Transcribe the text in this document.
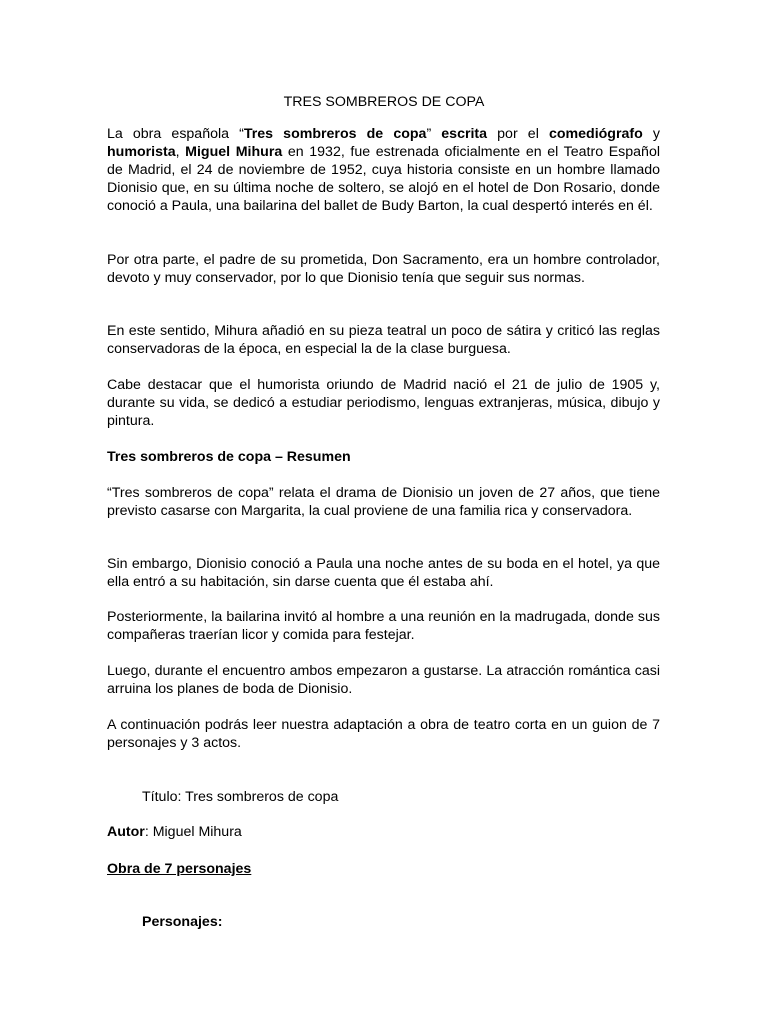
TRES SOMBREROS DE COPA

La obra española “Tres sombreros de copa” escrita por el comediógrafo y humorista, Miguel Mihura en 1932, fue estrenada oficialmente en el Teatro Español de Madrid, el 24 de noviembre de 1952, cuya historia consiste en un hombre llamado Dionisio que, en su última noche de soltero, se alojó en el hotel de Don Rosario, donde conoció a Paula, una bailarina del ballet de Budy Barton, la cual despertó interés en él.

Por otra parte, el padre de su prometida, Don Sacramento, era un hombre controlador, devoto y muy conservador, por lo que Dionisio tenía que seguir sus normas.

En este sentido, Mihura añadió en su pieza teatral un poco de sátira y criticó las reglas conservadoras de la época, en especial la de la clase burguesa.

Cabe destacar que el humorista oriundo de Madrid nació el 21 de julio de 1905 y, durante su vida, se dedicó a estudiar periodismo, lenguas extranjeras, música, dibujo y pintura.

Tres sombreros de copa – Resumen

“Tres sombreros de copa” relata el drama de Dionisio un joven de 27 años, que tiene previsto casarse con Margarita, la cual proviene de una familia rica y conservadora.

Sin embargo, Dionisio conoció a Paula una noche antes de su boda en el hotel, ya que ella entró a su habitación, sin darse cuenta que él estaba ahí.

Posteriormente, la bailarina invitó al hombre a una reunión en la madrugada, donde sus compañeras traerían licor y comida para festejar.

Luego, durante el encuentro ambos empezaron a gustarse. La atracción romántica casi arruina los planes de boda de Dionisio.

A continuación podrás leer nuestra adaptación a obra de teatro corta en un guion de 7 personajes y 3 actos.

Título: Tres sombreros de copa

Autor: Miguel Mihura

Obra de 7 personajes

Personajes:
